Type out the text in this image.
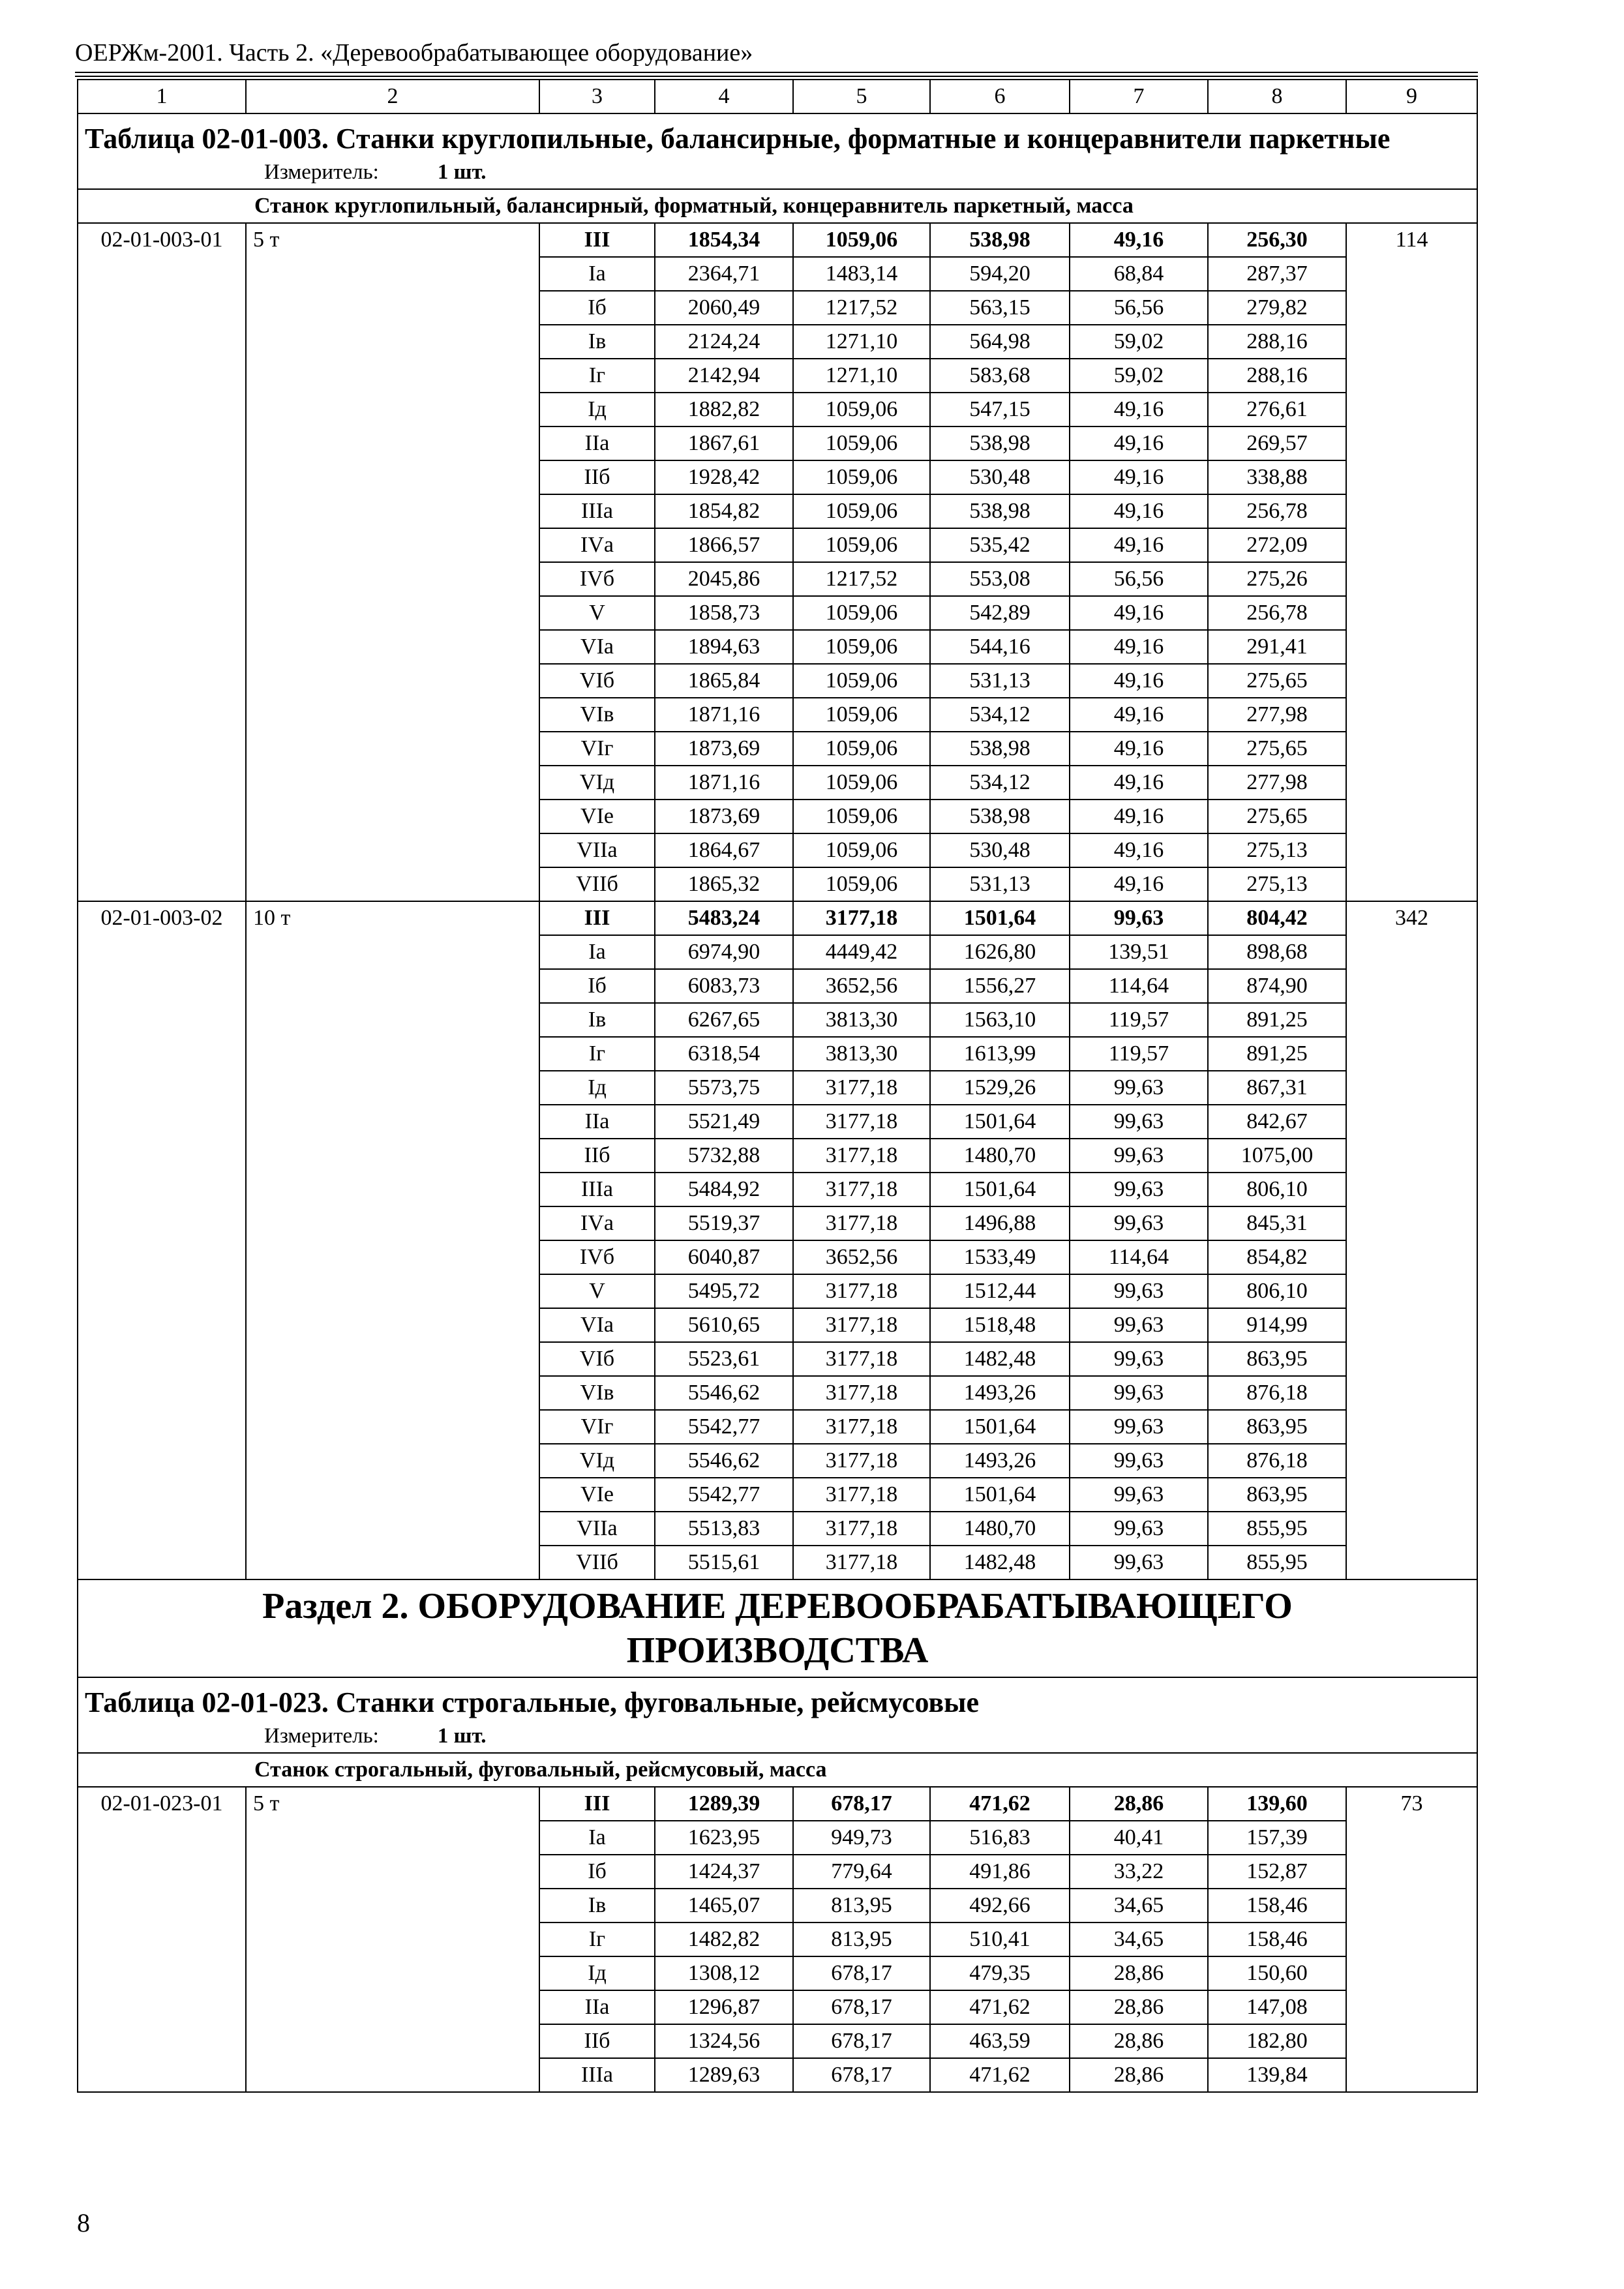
ОЕРЖм-2001. Часть 2. «Деревообрабатывающее оборудование»
1	2	3	4	5	6	7	8	9
Таблица 02-01-003. Станки круглопильные, балансирные, форматные и концеравнители паркетные
Измеритель: 1 шт.								

Станок круглопильный, балансирный, форматный, концеравнитель паркетный, масса								
02-01-003-01	5 т	III	1854,34	1059,06	538,98	49,16	256,30	114
		Iа	2364,71	1483,14	594,20	68,84	287,37	
		Iб	2060,49	1217,52	563,15	56,56	279,82	
		Iв	2124,24	1271,10	564,98	59,02	288,16	
		Iг	2142,94	1271,10	583,68	59,02	288,16	
		Iд	1882,82	1059,06	547,15	49,16	276,61	
		IIа	1867,61	1059,06	538,98	49,16	269,57	
		IIб	1928,42	1059,06	530,48	49,16	338,88	
		IIIа	1854,82	1059,06	538,98	49,16	256,78	
		IVа	1866,57	1059,06	535,42	49,16	272,09	
		IVб	2045,86	1217,52	553,08	56,56	275,26	
		V	1858,73	1059,06	542,89	49,16	256,78	
		VIа	1894,63	1059,06	544,16	49,16	291,41	
		VIб	1865,84	1059,06	531,13	49,16	275,65	
		VIв	1871,16	1059,06	534,12	49,16	277,98	
		VIг	1873,69	1059,06	538,98	49,16	275,65	
		VIд	1871,16	1059,06	534,12	49,16	277,98	
		VIе	1873,69	1059,06	538,98	49,16	275,65	
		VIIа	1864,67	1059,06	530,48	49,16	275,13	
		VIIб	1865,32	1059,06	531,13	49,16	275,13	
02-01-003-02	10 т	III	5483,24	3177,18	1501,64	99,63	804,42	342
		Iа	6974,90	4449,42	1626,80	139,51	898,68	
		Iб	6083,73	3652,56	1556,27	114,64	874,90	
		Iв	6267,65	3813,30	1563,10	119,57	891,25	
		Iг	6318,54	3813,30	1613,99	119,57	891,25	
		Iд	5573,75	3177,18	1529,26	99,63	867,31	
		IIа	5521,49	3177,18	1501,64	99,63	842,67	
		IIб	5732,88	3177,18	1480,70	99,63	1075,00	
		IIIа	5484,92	3177,18	1501,64	99,63	806,10	
		IVа	5519,37	3177,18	1496,88	99,63	845,31	
		IVб	6040,87	3652,56	1533,49	114,64	854,82	
		V	5495,72	3177,18	1512,44	99,63	806,10	
		VIа	5610,65	3177,18	1518,48	99,63	914,99	
		VIб	5523,61	3177,18	1482,48	99,63	863,95	
		VIв	5546,62	3177,18	1493,26	99,63	876,18	
		VIг	5542,77	3177,18	1501,64	99,63	863,95	
		VIд	5546,62	3177,18	1493,26	99,63	876,18	
		VIе	5542,77	3177,18	1501,64	99,63	863,95	
		VIIа	5513,83	3177,18	1480,70	99,63	855,95	
		VIIб	5515,61	3177,18	1482,48	99,63	855,95	

Раздел 2. ОБОРУДОВАНИЕ ДЕРЕВООБРАБАТЫВАЮЩЕГО
ПРОИЗВОДСТВА								

Таблица 02-01-023. Станки строгальные, фуговальные, рейсмусовые
Измеритель: 1 шт.								

Станок строгальный, фуговальный, рейсмусовый, масса								
02-01-023-01	5 т	III	1289,39	678,17	471,62	28,86	139,60	73
		Iа	1623,95	949,73	516,83	40,41	157,39	
		Iб	1424,37	779,64	491,86	33,22	152,87	
		Iв	1465,07	813,95	492,66	34,65	158,46	
		Iг	1482,82	813,95	510,41	34,65	158,46	
		Iд	1308,12	678,17	479,35	28,86	150,60	
		IIа	1296,87	678,17	471,62	28,86	147,08	
		IIб	1324,56	678,17	463,59	28,86	182,80	
		IIIа	1289,63	678,17	471,62	28,86	139,84	
8
